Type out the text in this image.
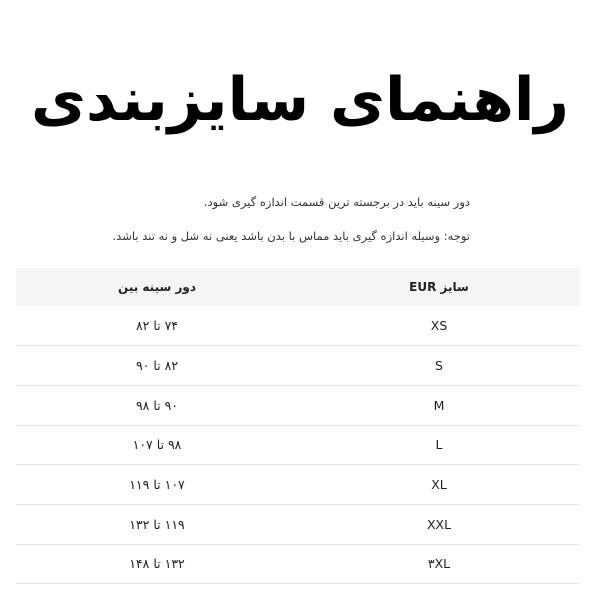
راهنمای سایزبندی

دور سینه باید در برجسته ترین قسمت اندازه گیری شود.

توجه: وسیله اندازه گیری باید مماس با بدن باشد یعنی نه شل و نه تند باشد.

سایز EUR	دور سینه بین
XS	۷۴ تا ۸۲
S	۸۲ تا ۹۰
M	۹۰ تا ۹۸
L	۹۸ تا ۱۰۷
XL	۱۰۷ تا ۱۱۹
XXL	۱۱۹ تا ۱۳۲
۳XL	۱۳۲ تا ۱۴۸
